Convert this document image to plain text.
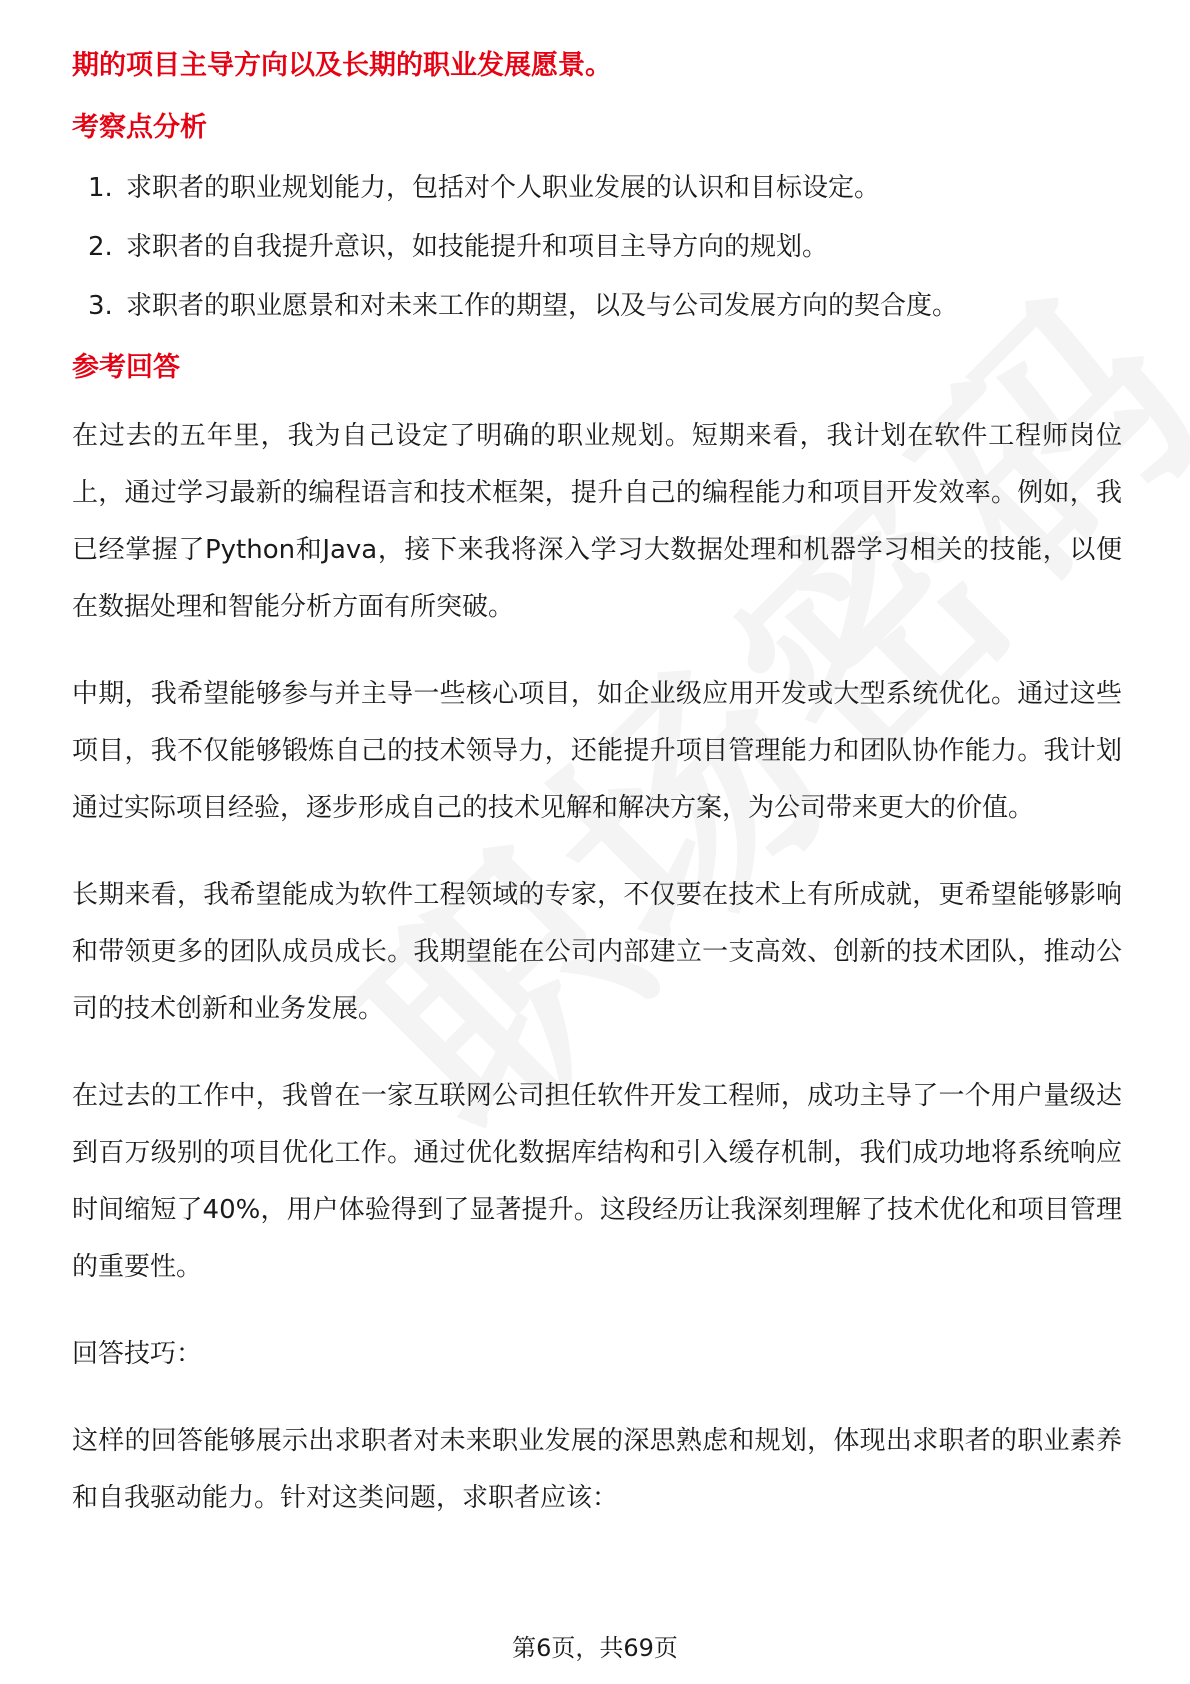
期的项目主导方向以及长期的职业发展愿景。

考察点分析
1. 求职者的职业规划能力，包括对个人职业发展的认识和目标设定。
2. 求职者的自我提升意识，如技能提升和项目主导方向的规划。
3. 求职者的职业愿景和对未来工作的期望，以及与公司发展方向的契合度。
参考回答

在过去的五年里，我为自己设定了明确的职业规划。短期来看，我计划在软件工程师岗位上，通过学习最新的编程语言和技术框架，提升自己的编程能力和项目开发效率。例如，我已经掌握了Python和Java，接下来我将深入学习大数据处理和机器学习相关的技能，以便在数据处理和智能分析方面有所突破。

中期，我希望能够参与并主导一些核心项目，如企业级应用开发或大型系统优化。通过这些项目，我不仅能够锻炼自己的技术领导力，还能提升项目管理能力和团队协作能力。我计划通过实际项目经验，逐步形成自己的技术见解和解决方案，为公司带来更大的价值。

长期来看，我希望能成为软件工程领域的专家，不仅要在技术上有所成就，更希望能够影响和带领更多的团队成员成长。我期望能在公司内部建立一支高效、创新的技术团队，推动公司的技术创新和业务发展。

在过去的工作中，我曾在一家互联网公司担任软件开发工程师，成功主导了一个用户量级达到百万级别的项目优化工作。通过优化数据库结构和引入缓存机制，我们成功地将系统响应时间缩短了40%，用户体验得到了显著提升。这段经历让我深刻理解了技术优化和项目管理的重要性。

回答技巧：

这样的回答能够展示出求职者对未来职业发展的深思熟虑和规划，体现出求职者的职业素养和自我驱动能力。针对这类问题，求职者应该：

第6页，共69页
